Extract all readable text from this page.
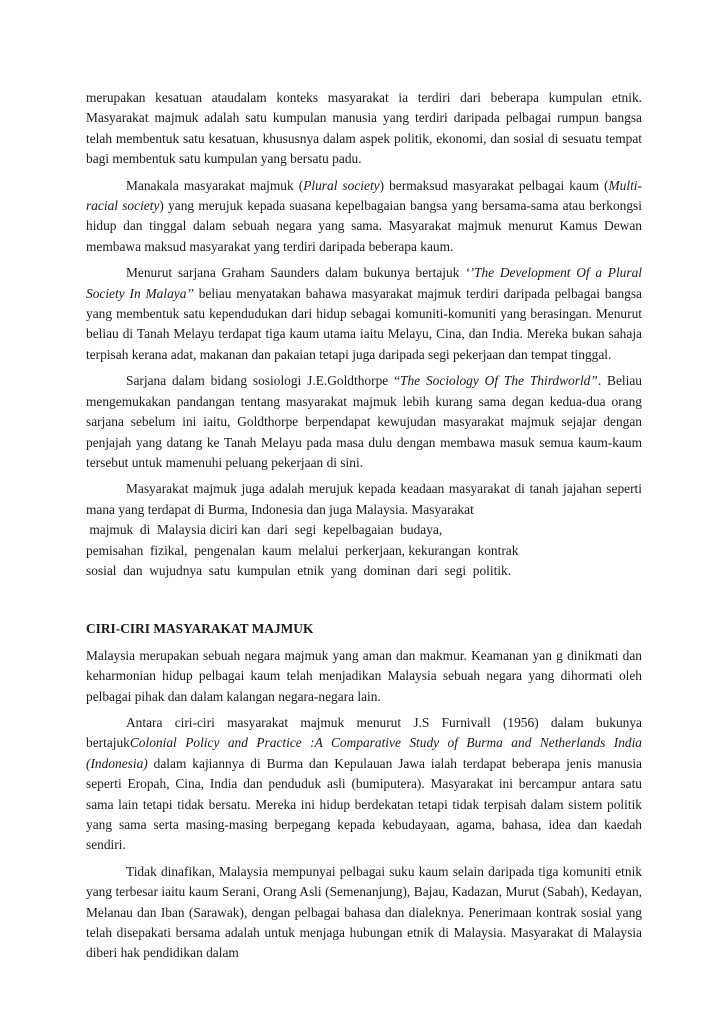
merupakan kesatuan ataudalam konteks masyarakat ia terdiri dari beberapa kumpulan etnik. Masyarakat majmuk adalah satu kumpulan manusia yang terdiri daripada pelbagai rumpun bangsa telah membentuk satu kesatuan, khususnya dalam aspek politik, ekonomi, dan sosial di sesuatu tempat bagi membentuk satu kumpulan yang bersatu padu.

Manakala masyarakat majmuk (Plural society) bermaksud masyarakat pelbagai kaum (Multi-racial society) yang merujuk kepada suasana kepelbagaian bangsa yang bersama-sama atau berkongsi hidup dan tinggal dalam sebuah negara yang sama. Masyarakat majmuk menurut Kamus Dewan membawa maksud masyarakat yang terdiri daripada beberapa kaum.

Menurut sarjana Graham Saunders dalam bukunya bertajuk ‘’The Development Of a Plural Society In Malaya’’ beliau menyatakan bahawa masyarakat majmuk terdiri daripada pelbagai bangsa yang membentuk satu kependudukan dari hidup sebagai komuniti-komuniti yang berasingan. Menurut beliau di Tanah Melayu terdapat tiga kaum utama iaitu Melayu, Cina, dan India. Mereka bukan sahaja terpisah kerana adat, makanan dan pakaian tetapi juga daripada segi pekerjaan dan tempat tinggal.

Sarjana dalam bidang sosiologi J.E.Goldthorpe “The Sociology Of The Thirdworld”. Beliau mengemukakan pandangan tentang masyarakat majmuk lebih kurang sama degan kedua-dua orang sarjana sebelum ini iaitu, Goldthorpe berpendapat kewujudan masyarakat majmuk sejajar dengan penjajah yang datang ke Tanah Melayu pada masa dulu dengan membawa masuk semua kaum-kaum tersebut untuk mamenuhi peluang pekerjaan di sini.

Masyarakat majmuk juga adalah merujuk kepada keadaan masyarakat di tanah jajahan seperti mana yang terdapat di Burma, Indonesia dan juga Malaysia. Masyarakat

majmuk  di  Malaysia diciri kan  dari  segi  kepelbagaian  budaya,
pemisahan  fizikal,  pengenalan  kaum  melalui  perkerjaan, kekurangan  kontrak
sosial  dan  wujudnya  satu  kumpulan  etnik  yang  dominan  dari  segi  politik.

CIRI-CIRI MASYARAKAT MAJMUK

Malaysia merupakan sebuah negara majmuk yang aman dan makmur. Keamanan yan g dinikmati dan keharmonian hidup pelbagai kaum telah menjadikan Malaysia sebuah negara yang dihormati oleh pelbagai pihak dan dalam kalangan negara-negara lain.

Antara ciri-ciri masyarakat majmuk menurut J.S Furnivall (1956) dalam bukunya bertajukColonial Policy and Practice :A Comparative Study of Burma and Netherlands India (Indonesia) dalam kajiannya di Burma dan Kepulauan Jawa ialah terdapat beberapa jenis manusia seperti Eropah, Cina, India dan penduduk asli (bumiputera). Masyarakat ini bercampur antara satu sama lain tetapi tidak bersatu. Mereka ini hidup berdekatan tetapi tidak terpisah dalam sistem politik yang sama serta masing-masing berpegang kepada kebudayaan, agama, bahasa, idea dan kaedah sendiri.

Tidak dinafikan, Malaysia mempunyai pelbagai suku kaum selain daripada tiga komuniti etnik yang terbesar iaitu kaum Serani, Orang Asli (Semenanjung), Bajau, Kadazan, Murut (Sabah), Kedayan, Melanau dan Iban (Sarawak), dengan pelbagai bahasa dan dialeknya. Penerimaan kontrak sosial yang telah disepakati bersama adalah untuk menjaga hubungan etnik di Malaysia. Masyarakat di Malaysia diberi hak pendidikan dalam
